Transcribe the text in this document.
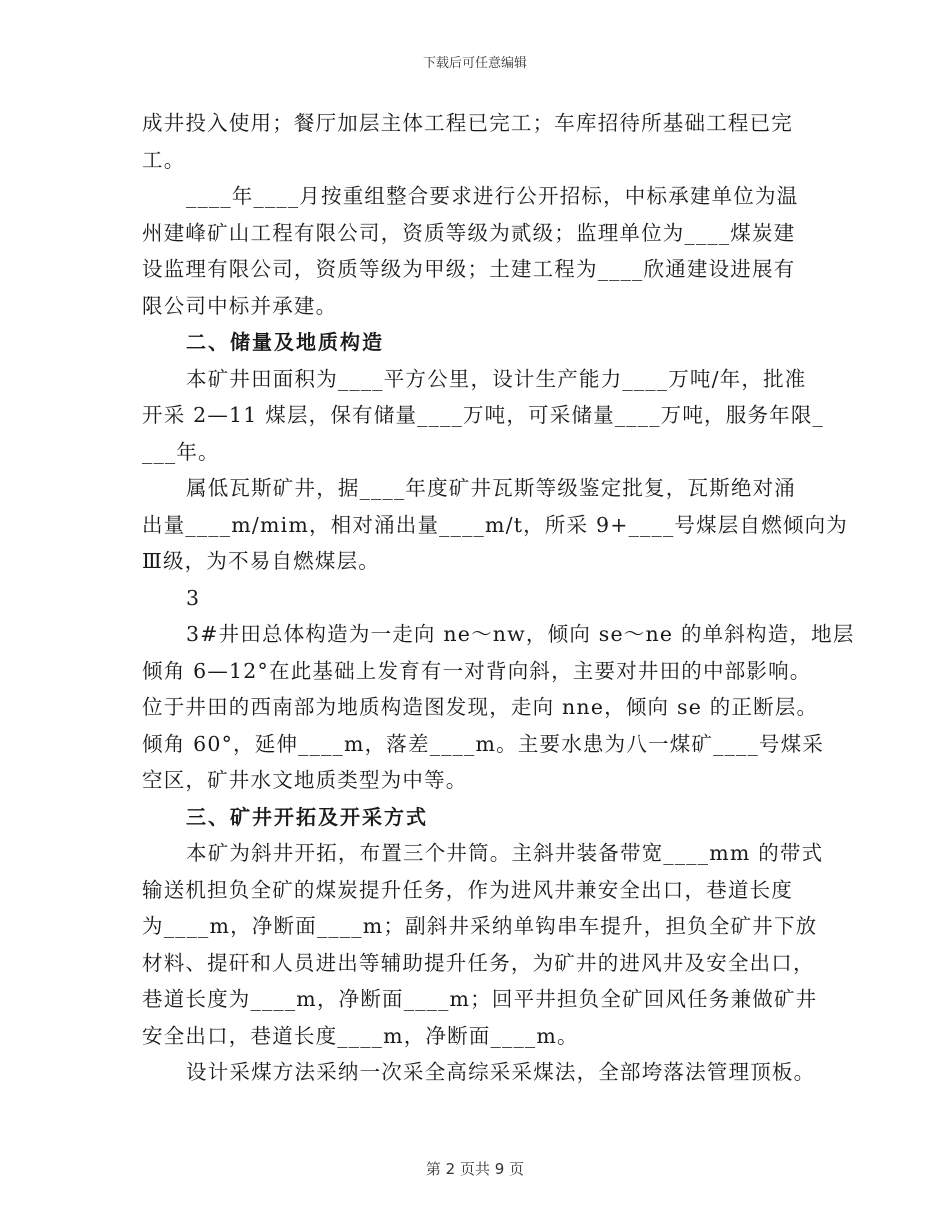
下载后可任意编辑
成井投入使用；餐厅加层主体工程已完工；车库招待所基础工程已完
工。
____年____月按重组整合要求进行公开招标，中标承建单位为温
州建峰矿山工程有限公司，资质等级为贰级；监理单位为____煤炭建
设监理有限公司，资质等级为甲级；土建工程为____欣通建设进展有
限公司中标并承建。
二、储量及地质构造
本矿井田面积为____平方公里，设计生产能力____万吨/年，批准
开采 2—11 煤层，保有储量____万吨，可采储量____万吨，服务年限_
___年。
属低瓦斯矿井，据____年度矿井瓦斯等级鉴定批复，瓦斯绝对涌
出量____m/mim，相对涌出量____m/t，所采 9+____号煤层自燃倾向为
Ⅲ级，为不易自燃煤层。
3
3#井田总体构造为一走向 ne～nw，倾向 se～ne 的单斜构造，地层
倾角 6—12°在此基础上发育有一对背向斜，主要对井田的中部影响。
位于井田的西南部为地质构造图发现，走向 nne，倾向 se 的正断层。
倾角 60°，延伸____m，落差____m。主要水患为八一煤矿____号煤采
空区，矿井水文地质类型为中等。
三、矿井开拓及开采方式
本矿为斜井开拓，布置三个井筒。主斜井装备带宽____mm 的带式
输送机担负全矿的煤炭提升任务，作为进风井兼安全出口，巷道长度
为____m，净断面____m；副斜井采纳单钩串车提升，担负全矿井下放
材料、提矸和人员进出等辅助提升任务，为矿井的进风井及安全出口，
巷道长度为____m，净断面____m；回平井担负全矿回风任务兼做矿井
安全出口，巷道长度____m，净断面____m。
设计采煤方法采纳一次采全高综采采煤法，全部垮落法管理顶板。
第 2 页共 9 页
